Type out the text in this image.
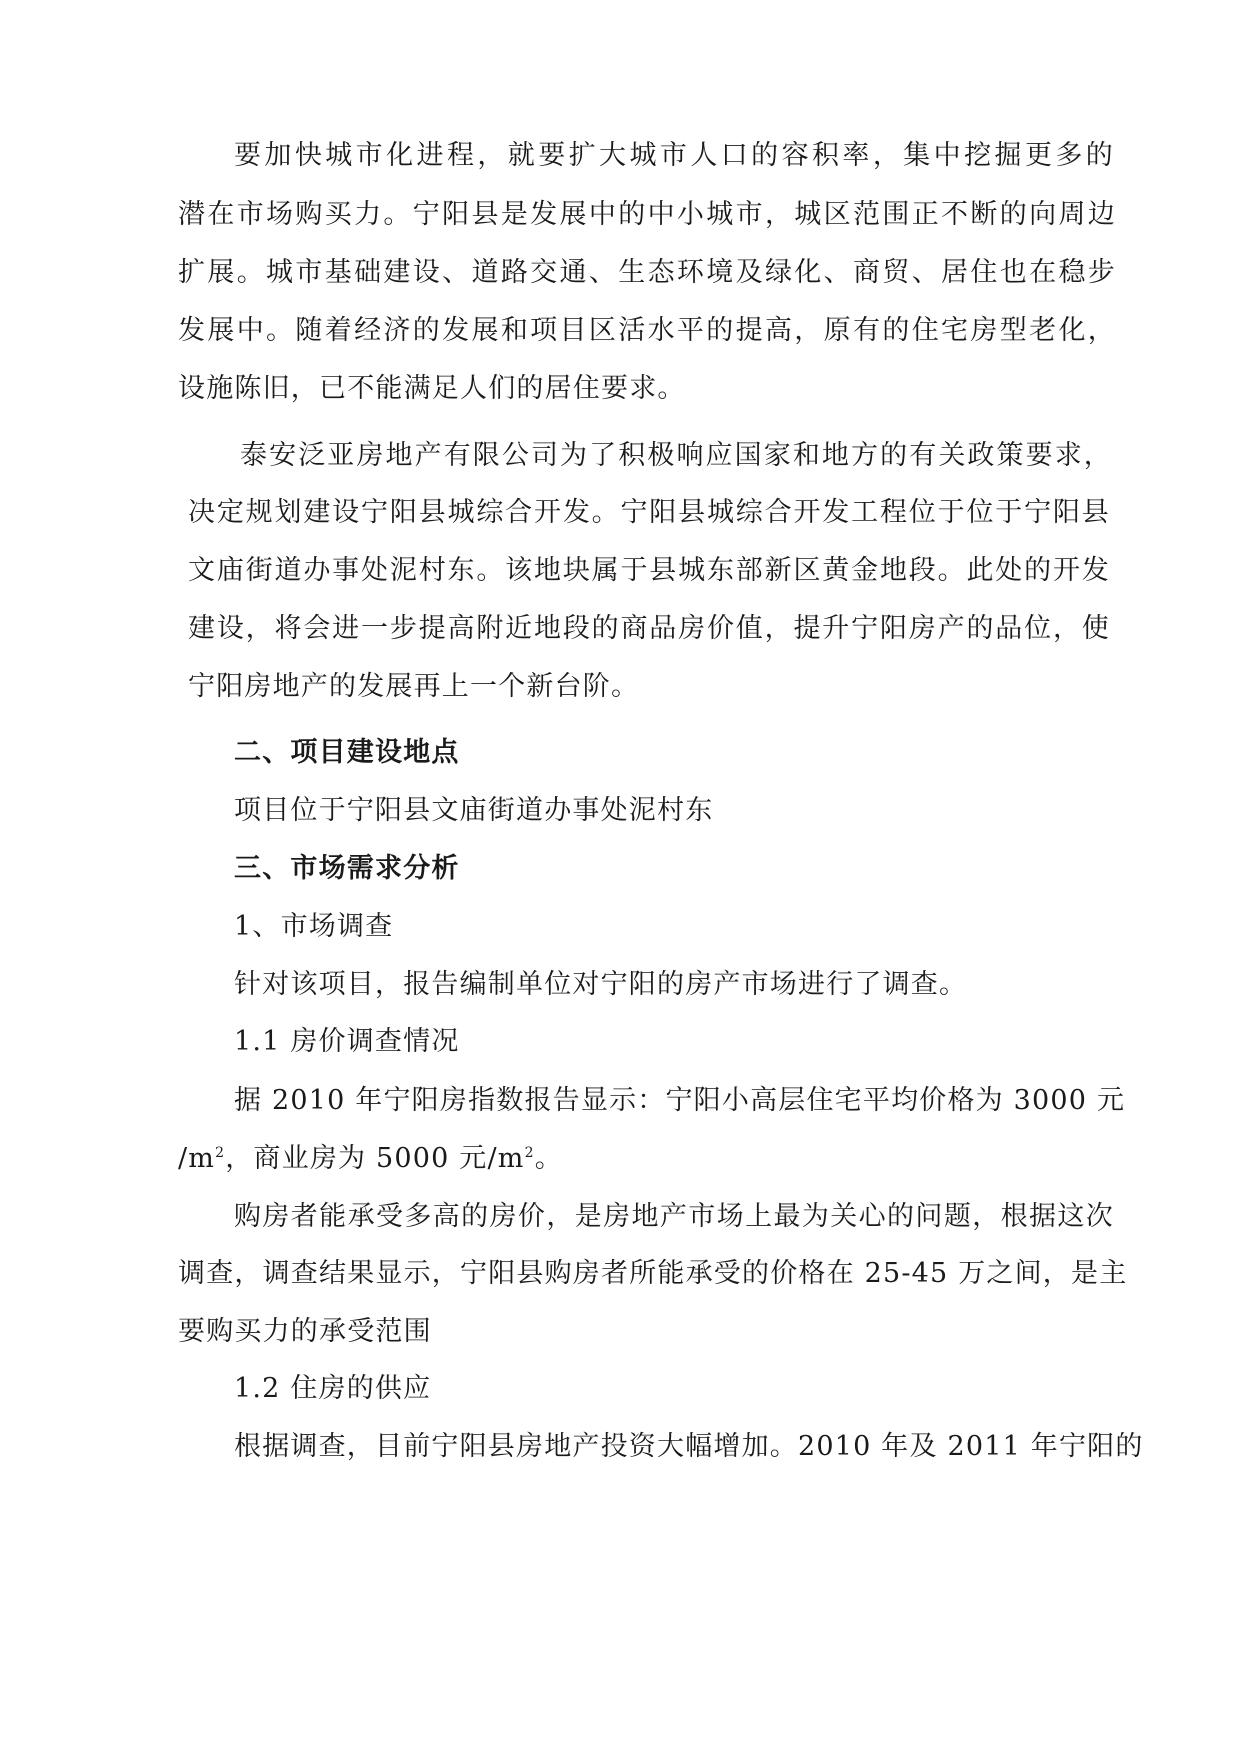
要加快城市化进程，就要扩大城市人口的容积率，集中挖掘更多的
潜在市场购买力。宁阳县是发展中的中小城市，城区范围正不断的向周边
扩展。城市基础建设、道路交通、生态环境及绿化、商贸、居住也在稳步
发展中。随着经济的发展和项目区活水平的提高，原有的住宅房型老化，
设施陈旧，已不能满足人们的居住要求。
泰安泛亚房地产有限公司为了积极响应国家和地方的有关政策要求，
决定规划建设宁阳县城综合开发。宁阳县城综合开发工程位于位于宁阳县
文庙街道办事处泥村东。该地块属于县城东部新区黄金地段。此处的开发
建设，将会进一步提高附近地段的商品房价值，提升宁阳房产的品位，使
宁阳房地产的发展再上一个新台阶。
二、项目建设地点
项目位于宁阳县文庙街道办事处泥村东
三、市场需求分析
1、市场调查
针对该项目，报告编制单位对宁阳的房产市场进行了调查。
1.1 房价调查情况
据 2010 年宁阳房指数报告显示：宁阳小高层住宅平均价格为 3000 元
$/m^2$，商业房为 5000 元$/m^2$。
购房者能承受多高的房价，是房地产市场上最为关心的问题，根据这次
调查，调查结果显示，宁阳县购房者所能承受的价格在 25-45 万之间，是主
要购买力的承受范围
1.2 住房的供应
根据调查，目前宁阳县房地产投资大幅增加。2010 年及 2011 年宁阳的
